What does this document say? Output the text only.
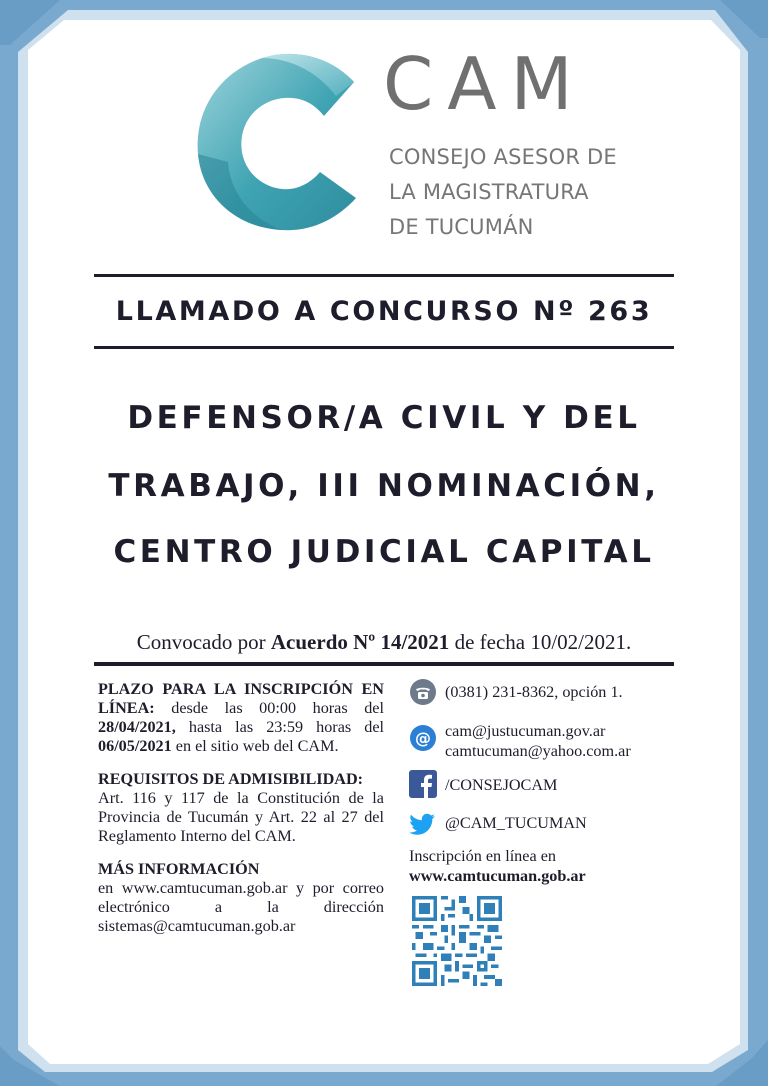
CAM
CONSEJO ASESOR DE
LA MAGISTRATURA
DE TUCUMÁN
LLAMADO A CONCURSO Nº 263
DEFENSOR/A CIVIL Y DEL
TRABAJO, III NOMINACIÓN,
CENTRO JUDICIAL CAPITAL
Convocado por Acuerdo Nº 14/2021 de fecha 10/02/2021.
PLAZO PARA LA INSCRIPCIÓN EN LÍNEA: desde las 00:00 horas del 28/04/2021, hasta las 23:59 horas del 06/05/2021 en el sitio web del CAM.
REQUISITOS DE ADMISIBILIDAD:
Art. 116 y 117 de la Constitución de la Provincia de Tucumán y Art. 22 al 27 del Reglamento Interno del CAM.
MÁS INFORMACIÓN
en www.camtucuman.gob.ar y por correo electrónico a la dirección sistemas@camtucuman.gob.ar
(0381) 231-8362, opción 1.
@ cam@justucuman.gov.ar
camtucuman@yahoo.com.ar
/CONSEJOCAM
@CAM_TUCUMAN
Inscripción en línea en
www.camtucuman.gob.ar
